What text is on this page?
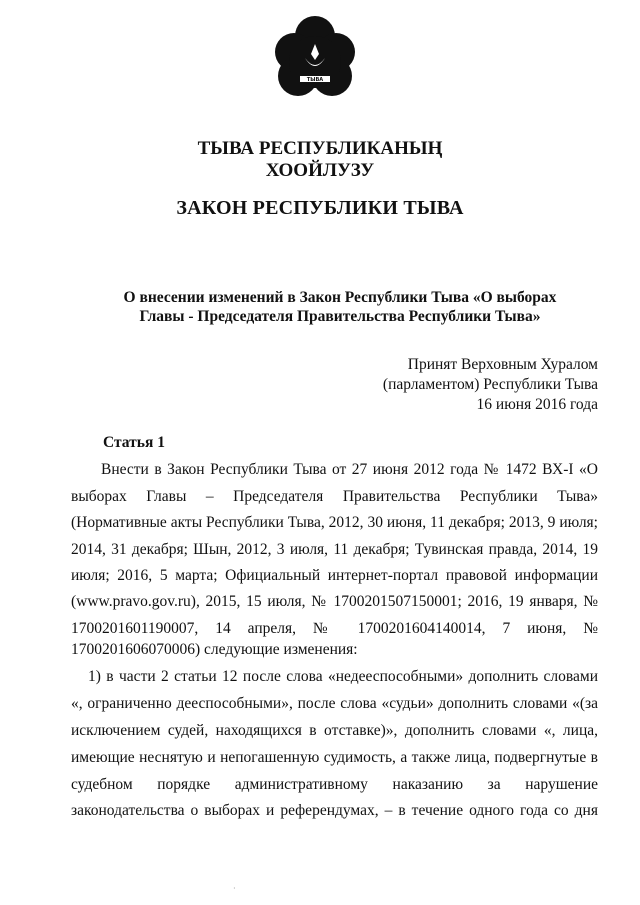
ТЫВА
ТЫВА РЕСПУБЛИКАНЫҢ
ХООЙЛУЗУ
ЗАКОН РЕСПУБЛИКИ ТЫВА
О внесении изменений в Закон Республики Тыва «О выборах
Главы - Председателя Правительства Республики Тыва»
Принят Верховным Хуралом
(парламентом) Республики Тыва
16 июня 2016 года
Статья 1
Внести в Закон Республики Тыва от 27 июня 2012 года № 1472 ВХ-I «О
выборах Главы – Председателя Правительства Республики Тыва»
(Нормативные акты Республики Тыва, 2012, 30 июня, 11 декабря; 2013, 9 июля;
2014, 31 декабря; Шын, 2012, 3 июля, 11 декабря; Тувинская правда, 2014, 19
июля; 2016, 5 марта; Официальный интернет-портал правовой информации
(www.pravo.gov.ru), 2015, 15 июля, № 1700201507150001; 2016, 19 января, №
1700201601190007, 14 апреля, № 1700201604140014, 7 июня, №
1700201606070006) следующие изменения:
1) в части 2 статьи 12 после слова «недееспособными» дополнить словами
«, ограниченно дееспособными», после слова «судьи» дополнить словами «(за
исключением судей, находящихся в отставке)», дополнить словами «, лица,
имеющие неснятую и непогашенную судимость, а также лица, подвергнутые в
судебном порядке административному наказанию за нарушение
законодательства о выборах и референдумах, – в течение одного года со дня
·
